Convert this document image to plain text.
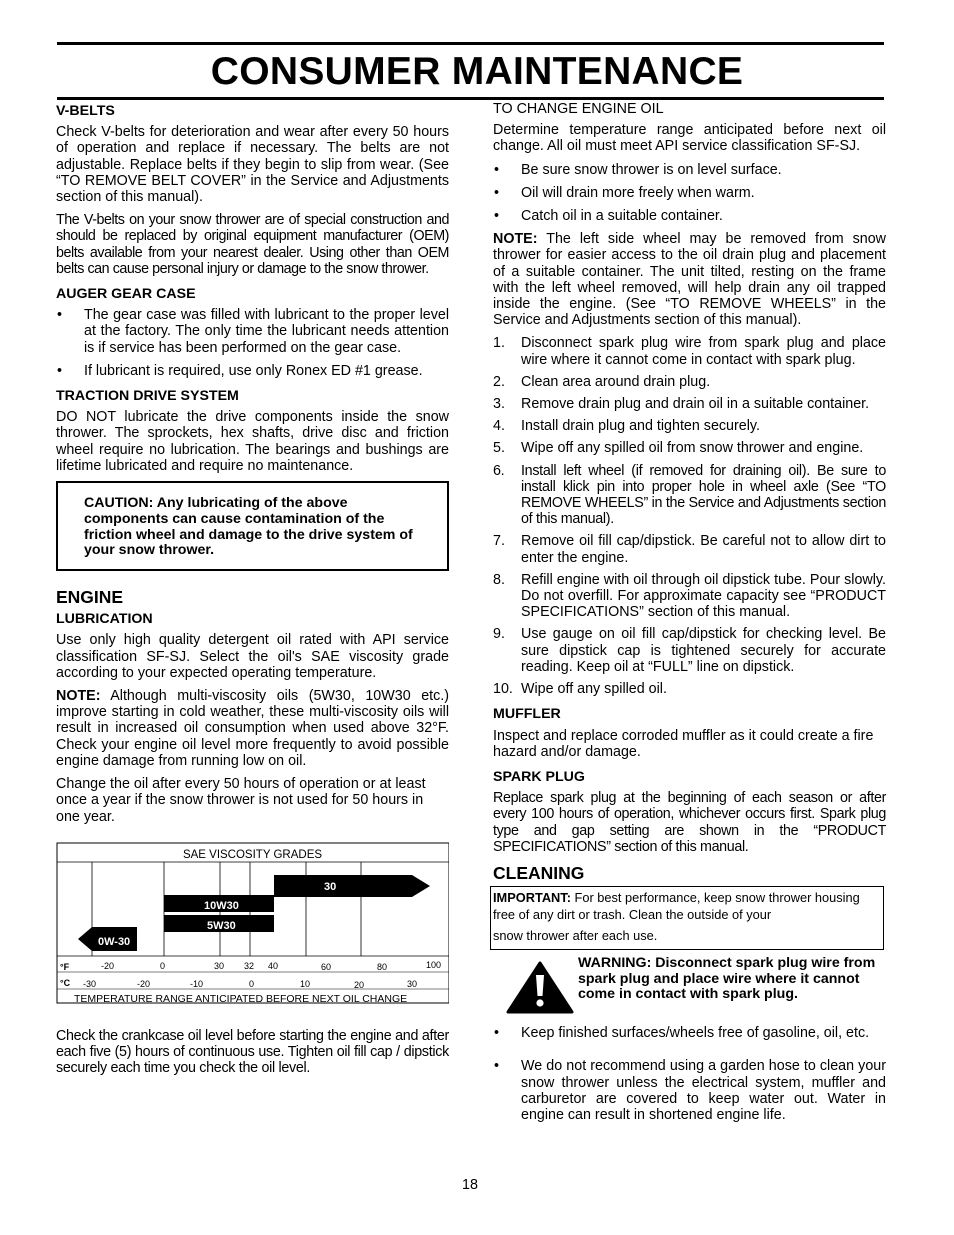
CONSUMER MAINTENANCE
V-BELTS

Check V-belts for deterioration and wear after every 50 hours of operation and replace if necessary. The belts are not adjustable. Replace belts if they begin to slip from wear. (See “TO REMOVE BELT COVER” in the Service and Adjustments section of this manual).

The V-belts on your snow thrower are of special construction and should be replaced by original equipment manufacturer (OEM) belts available from your nearest dealer. Using other than OEM belts can cause personal injury or damage to the snow thrower.

AUGER GEAR CASE
• The gear case was filled with lubricant to the proper level at the factory. The only time the lubricant needs attention is if service has been performed on the gear case.
• If lubricant is required, use only Ronex ED #1 grease.
TRACTION DRIVE SYSTEM

DO NOT lubricate the drive components inside the snow thrower. The sprockets, hex shafts, drive disc and friction wheel require no lubrication. The bearings and bushings are lifetime lubricated and require no maintenance.

CAUTION: Any lubricating of the above components can cause contamination of the friction wheel and damage to the drive system of your snow thrower.
ENGINE
LUBRICATION

Use only high quality detergent oil rated with API service classification SF-SJ. Select the oil's SAE viscosity grade according to your expected operating temperature.

NOTE: Although multi-viscosity oils (5W30, 10W30 etc.) improve starting in cold weather, these multi-viscosity oils will result in increased oil consumption when used above 32°F. Check your engine oil level more frequently to avoid possible engine damage from running low on oil.

Change the oil after every 50 hours of operation or at least once a year if the snow thrower is not used for 50 hours in one year.

SAE VISCOSITY GRADES
30
10W30
5W30
0W-30
°F	-20	0	30 32 40	60	80	100
°C -30	-20	-10	0	10	20	30
TEMPERATURE RANGE ANTICIPATED BEFORE NEXT OIL CHANGE

Check the crankcase oil level before starting the engine and after each five (5) hours of continuous use. Tighten oil fill cap / dipstick securely each time you check the oil level.

TO CHANGE ENGINE OIL

Determine temperature range anticipated before next oil change. All oil must meet API service classification SF-SJ.

• Be sure snow thrower is on level surface.
• Oil will drain more freely when warm.
• Catch oil in a suitable container.

NOTE: The left side wheel may be removed from snow thrower for easier access to the oil drain plug and placement of a suitable container. The unit tilted, resting on the frame with the left wheel removed, will help drain any oil trapped inside the engine. (See “TO REMOVE WHEELS” in the Service and Adjustments section of this manual).

1. Disconnect spark plug wire from spark plug and place wire where it cannot come in contact with spark plug.
2. Clean area around drain plug.
3. Remove drain plug and drain oil in a suitable container.
4. Install drain plug and tighten securely.
5. Wipe off any spilled oil from snow thrower and engine.
6. Install left wheel (if removed for draining oil). Be sure to install klick pin into proper hole in wheel axle (See “TO REMOVE WHEELS” in the Service and Adjustments section of this manual).
7. Remove oil fill cap/dipstick. Be careful not to allow dirt to enter the engine.
8. Refill engine with oil through oil dipstick tube. Pour slowly. Do not overfill. For approximate capacity see “PRODUCT SPECIFICATIONS” section of this manual.
9. Use gauge on oil fill cap/dipstick for checking level. Be sure dipstick cap is tightened securely for accurate reading. Keep oil at “FULL” line on dipstick.
10. Wipe off any spilled oil.
MUFFLER

Inspect and replace corroded muffler as it could create a fire hazard and/or damage.

SPARK PLUG

Replace spark plug at the beginning of each season or after every 100 hours of operation, whichever occurs first. Spark plug type and gap setting are shown in the “PRODUCT SPECIFICATIONS” section of this manual.

CLEANING
IMPORTANT: For best performance, keep snow thrower housing free of any dirt or trash. Clean the outside of your
snow thrower after each use.
WARNING: Disconnect spark plug wire from spark plug and place wire where it cannot come in contact with spark plug.
• Keep finished surfaces/wheels free of gasoline, oil, etc.
• We do not recommend using a garden hose to clean your snow thrower unless the electrical system, muffler and carburetor are covered to keep water out. Water in engine can result in shortened engine life.
18
